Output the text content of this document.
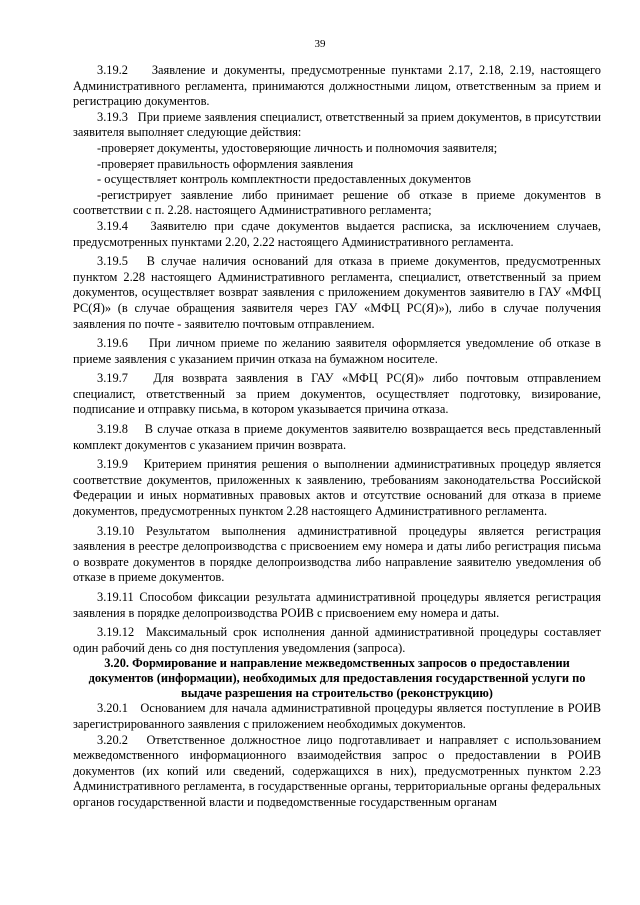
39

3.19.2    Заявление и документы, предусмотренные пунктами 2.17, 2.18, 2.19, настоящего Административного регламента, принимаются должностными лицом, ответственным за прием и регистрацию документов.

3.19.3   При приеме заявления специалист, ответственный за прием документов, в присутствии заявителя выполняет следующие действия:

-проверяет документы, удостоверяющие личность и полномочия заявителя;

-проверяет правильность оформления заявления

- осуществляет контроль комплектности предоставленных документов

-регистрирует заявление либо принимает решение об отказе в приеме документов в соответствии с п. 2.28. настоящего Административного регламента;

3.19.4   Заявителю при сдаче документов выдается расписка, за исключением случаев, предусмотренных пунктами 2.20, 2.22 настоящего Административного регламента.

3.19.5   В случае наличия оснований для отказа в приеме документов, предусмотренных пунктом 2.28 настоящего Административного регламента, специалист, ответственный за прием документов, осуществляет возврат заявления с приложением документов заявителю в ГАУ «МФЦ РС(Я)» (в случае обращения заявителя через ГАУ «МФЦ РС(Я)»), либо в случае получения заявления по почте - заявителю почтовым отправлением.

3.19.6    При личном приеме по желанию заявителя оформляется уведомление об отказе в приеме заявления с указанием причин отказа на бумажном носителе.

3.19.7   Для возврата заявления в ГАУ «МФЦ РС(Я)» либо почтовым отправлением специалист, ответственный за прием документов, осуществляет подготовку, визирование, подписание и отправку письма, в котором указывается причина отказа.

3.19.8    В случае отказа в приеме документов заявителю возвращается весь представленный комплект документов с указанием причин возврата.

3.19.9   Критерием принятия решения о выполнении административных процедур является соответствие документов, приложенных к заявлению, требованиям законодательства Российской Федерации и иных нормативных правовых актов и отсутствие оснований для отказа в приеме документов, предусмотренных пунктом 2.28 настоящего Административного регламента.

3.19.10 Результатом выполнения административной процедуры является регистрация заявления в реестре делопроизводства с присвоением ему номера и даты либо регистрация письма о возврате документов в порядке делопроизводства либо направление заявителю уведомления об отказе в приеме документов.

3.19.11 Способом фиксации результата административной процедуры является регистрация заявления в порядке делопроизводства РОИВ с присвоением ему номера и даты.

3.19.12  Максимальный срок исполнения данной административной процедуры составляет один рабочий день со дня поступления уведомления (запроса).

3.20. Формирование и направление межведомственных запросов о предоставлении документов (информации), необходимых для предоставления государственной услуги по выдаче разрешения на строительство (реконструкцию)

3.20.1   Основанием для начала административной процедуры является поступление в РОИВ зарегистрированного заявления с приложением необходимых документов.

3.20.2   Ответственное должностное лицо подготавливает и направляет с использованием межведомственного информационного взаимодействия запрос о предоставлении в РОИВ документов (их копий или сведений, содержащихся в них), предусмотренных пунктом 2.23 Административного регламента, в государственные органы, территориальные органы федеральных органов государственной власти и подведомственные государственным органам
